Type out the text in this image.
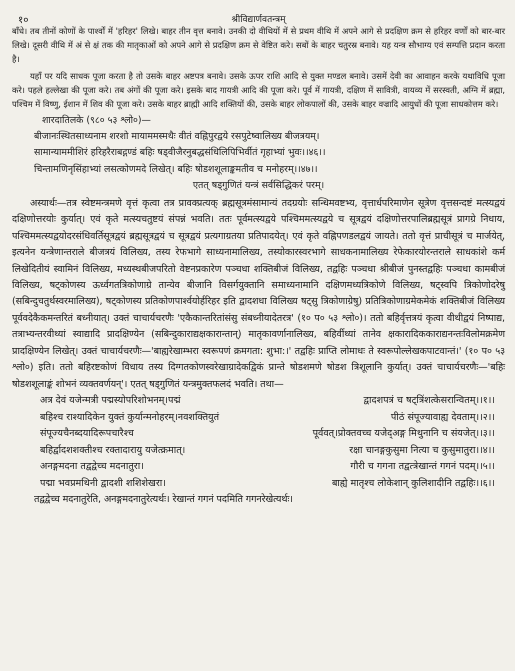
१०	श्रीविद्यार्णवतन्त्रम्

बाँधे। तब तीनों कोणों के पार्श्वों में 'हरिहर' लिखे। बाहर तीन वृत्त बनावे। उनकी दो वीथियों में से प्रथम वीथि में अपने आगे से प्रदक्षिण क्रम से हरिहर वर्णों को बार-बार लिखे। दूसरी वीथि में अं से क्षं तक की मातृकाओं को अपने आगे से प्रदक्षिण क्रम से वेष्टित करे। सबों के बाहर चतुरस्र बनावे। यह यन्त्र सौभाग्य एवं सम्पत्ति प्रदान करता है।

यहाँ पर यदि साधक पूजा करता है तो उसके बाहर अष्टपत्र बनावे। उसके ऊपर राशि आदि से युक्त मण्डल बनावे। उसमें देवी का आवाहन करके यथाविधि पूजा करे। पहले हल्लेखा की पूजा करे। तब अंगों की पूजा करे। इसके बाद गायत्री आदि की पूजा करे। पूर्व में गायत्री, दक्षिण में सावित्री, वायव्य में सरस्वती, अग्नि में ब्रह्मा, पश्चिम में विष्णु, ईशान में शिव की पूजा करे। उसके बाहर ब्राह्मी आदि शक्तियों की, उसके बाहर लोकपालों की, उसके बाहर वज्रादि आयुधों की पूजा साधकोत्तम करे।

शारदातिलके (९८० ५३ श्लो०)—

बीजानःस्थितसाध्यनाम शरशो मायाममस्मथैः वीतं वह्निपुरद्वये रसपुटेष्वालिख्य बीजत्रयम्।

सामान्याममीशिरं हरिहरैराबद्गण्डं बहिः षड्वीजैरनुबद्धसंधिलिपिभिर्वीतं गृहाभ्यां भुवः।।४६।।

चिन्तामणिनृसिंहाभ्यां लसत्कोणमदे लिखेत्। बहिः षोडशशूलाङ्कमतीव च मनोहरम्।।४७।।

एतत् षड्गुणितं यन्त्रं सर्वसिद्धिकरं परम्।

अस्यार्थः—तत्र स्वेष्टमन्त्रमणे वृत्तं कृत्वा तत्र प्रावक्प्रत्यक् ब्रह्मसूत्रमंसामान्यं तदग्रयोः सन्धिमवष्टभ्य, वृत्तार्धपरिमाणेन सूत्रेण वृत्तसन्दष्टं मत्स्यद्वयं दक्षिणोत्तरयोः कुर्यात्। एवं कृते मत्स्यचतुष्टयं संपन्नं भवति। ततः पूर्वमत्स्यद्वये पश्चिममत्स्यद्वये च सूत्रद्वयं दक्षिणोत्तरपालिब्रह्मसूत्रं प्रागग्रे निधाय, पश्चिममत्स्यद्वयोदरसंधिवर्तिसूत्रद्वयं ब्रह्मसूत्रद्वयं च सूत्रद्वयं प्रत्यगाग्रतया प्रतिपादयेत्। एवं कृते वह्निपणडलद्वयं जायते। ततो वृत्तं प्राचीसूत्रं च मार्जयेत्, इत्यनेन यन्त्रेणान्तराले बीजत्रयं विलिख्य, तस्य रेफभागे साध्यनामालिख्य, तस्योकारस्वरभागे साधकनामालिख्य रेफेकारयोरन्तराले साधकांशे कर्म लिखेदितीयं स्वामिनं विलिख्य, मध्यस्थबीजपरितो वेष्टनप्रकारेण पञ्चधा शक्तिबीजं विलिख्य, तद्वहिः पञ्चधा श्रीबीजं पुनस्तद्वहिः पञ्चधा कामबीजं विलिख्य, षट्कोणस्य ऊर्ध्वगतत्रिकोणाग्रे तान्येव बीजानि विसर्गयुक्तानि समाध्यनामानि दक्षिणमध्यत्रिकोणे विलिख्य, षट्स्वपि त्रिकोणोदरेषु (सबिन्दुचतुर्थस्वरमालिख्य), षट्कोणस्य प्रतिकोणपार्श्वयोर्हरिहर इति द्वादशधा विलिख्य षट्सु त्रिकोणाग्रेषु) प्रतित्रिकोणाग्रमेकमेकं शक्तिबीजं विलिख्य पूर्ववदेकैकमन्तरितं बध्नीयात्। उक्तं चाचार्यचरणैः 'एकैकान्तरितांसंसु संबध्नीयादेतरत्र' (१० प० ५३ श्लो०)। ततो बहिर्वृत्तत्रयं कृत्वा वीथीद्वयं निष्पाद्य, तत्राभ्यन्तरवीथ्यां स्वाद्यादि प्रादक्षिण्येन (सबिन्दुकाराद्यक्षकारान्तान्) मातृकावर्णानालिख्य, बहिर्वीथ्यां तानेव क्षकारादिककाराद्यनन्तःविलोमक्रमेण प्रादक्षिण्येन लिखेत्। उक्तं चाचार्यचरणैः—'बाह्यरेखाम्भरा स्वरूपणं क्रमगता: शुभा:।' तद्वहिः प्राप्ति लोमाधः ते स्वरूपोल्लेखकपाटवान्तं।' (१० प० ५३ श्लो०) इति। ततो बहिरष्टकोणं विधाय तस्य दिग्गतकोणस्वरेखाग्रादेकद्विकं प्रान्ते षोडशमणे षोडश त्रिशूलानि कुर्यात्। उक्तं चाचार्यचरणैः—'बहिः षोडशशूलाङ्कं शोभनं व्यक्तवर्णयन्'। एतत् षड्गुणितं यन्त्रमुक्तफलदं भवति। तथा—

अत्र देवं यजेन्मत्री पद्मस्योपरिशोभनम्।पद्मं	द्वादशपत्रं च षट्त्रिंशत्केसरान्वितम्।।१।।
बहिश्च राश्यादिकेन युक्तं कुर्यान्मनोहरम्।नवशक्तियुतं	पीठं संपूज्यावाह्य देवताम्।।२।।
संपूज्यचैनब्दयादिरूपचारैश्च	पूर्ववत्।प्रोक्तवच्च यजेद्अङ्ग मिथुनानि च संयजेत्।।३।।
बहिर्द्वादशशक्तीश्च रक्तादारायु यजेत्क्रमात्।	रक्षा चानङ्गकुसुमा नित्या च कुसुमातुरा।।४।।
अनङ्गमदना तद्वद्वेच्च मदनातुरा।	गौरी च गगना तद्वत्त्रेखान्तं गगनं पदम्।।५।।
पद्मा भवप्रमथिनी द्वादशी शशिशेखरा।	बाह्ये मातृश्च लोकेशान् कुलिशादीनि तद्वहिः।।६।।

तद्वद्वेच्च मदनातुरेति, अनङ्गमदनातुरेत्यर्थः। रेखान्तं गगनं पदमिति गगनरेखेत्यर्थः।
